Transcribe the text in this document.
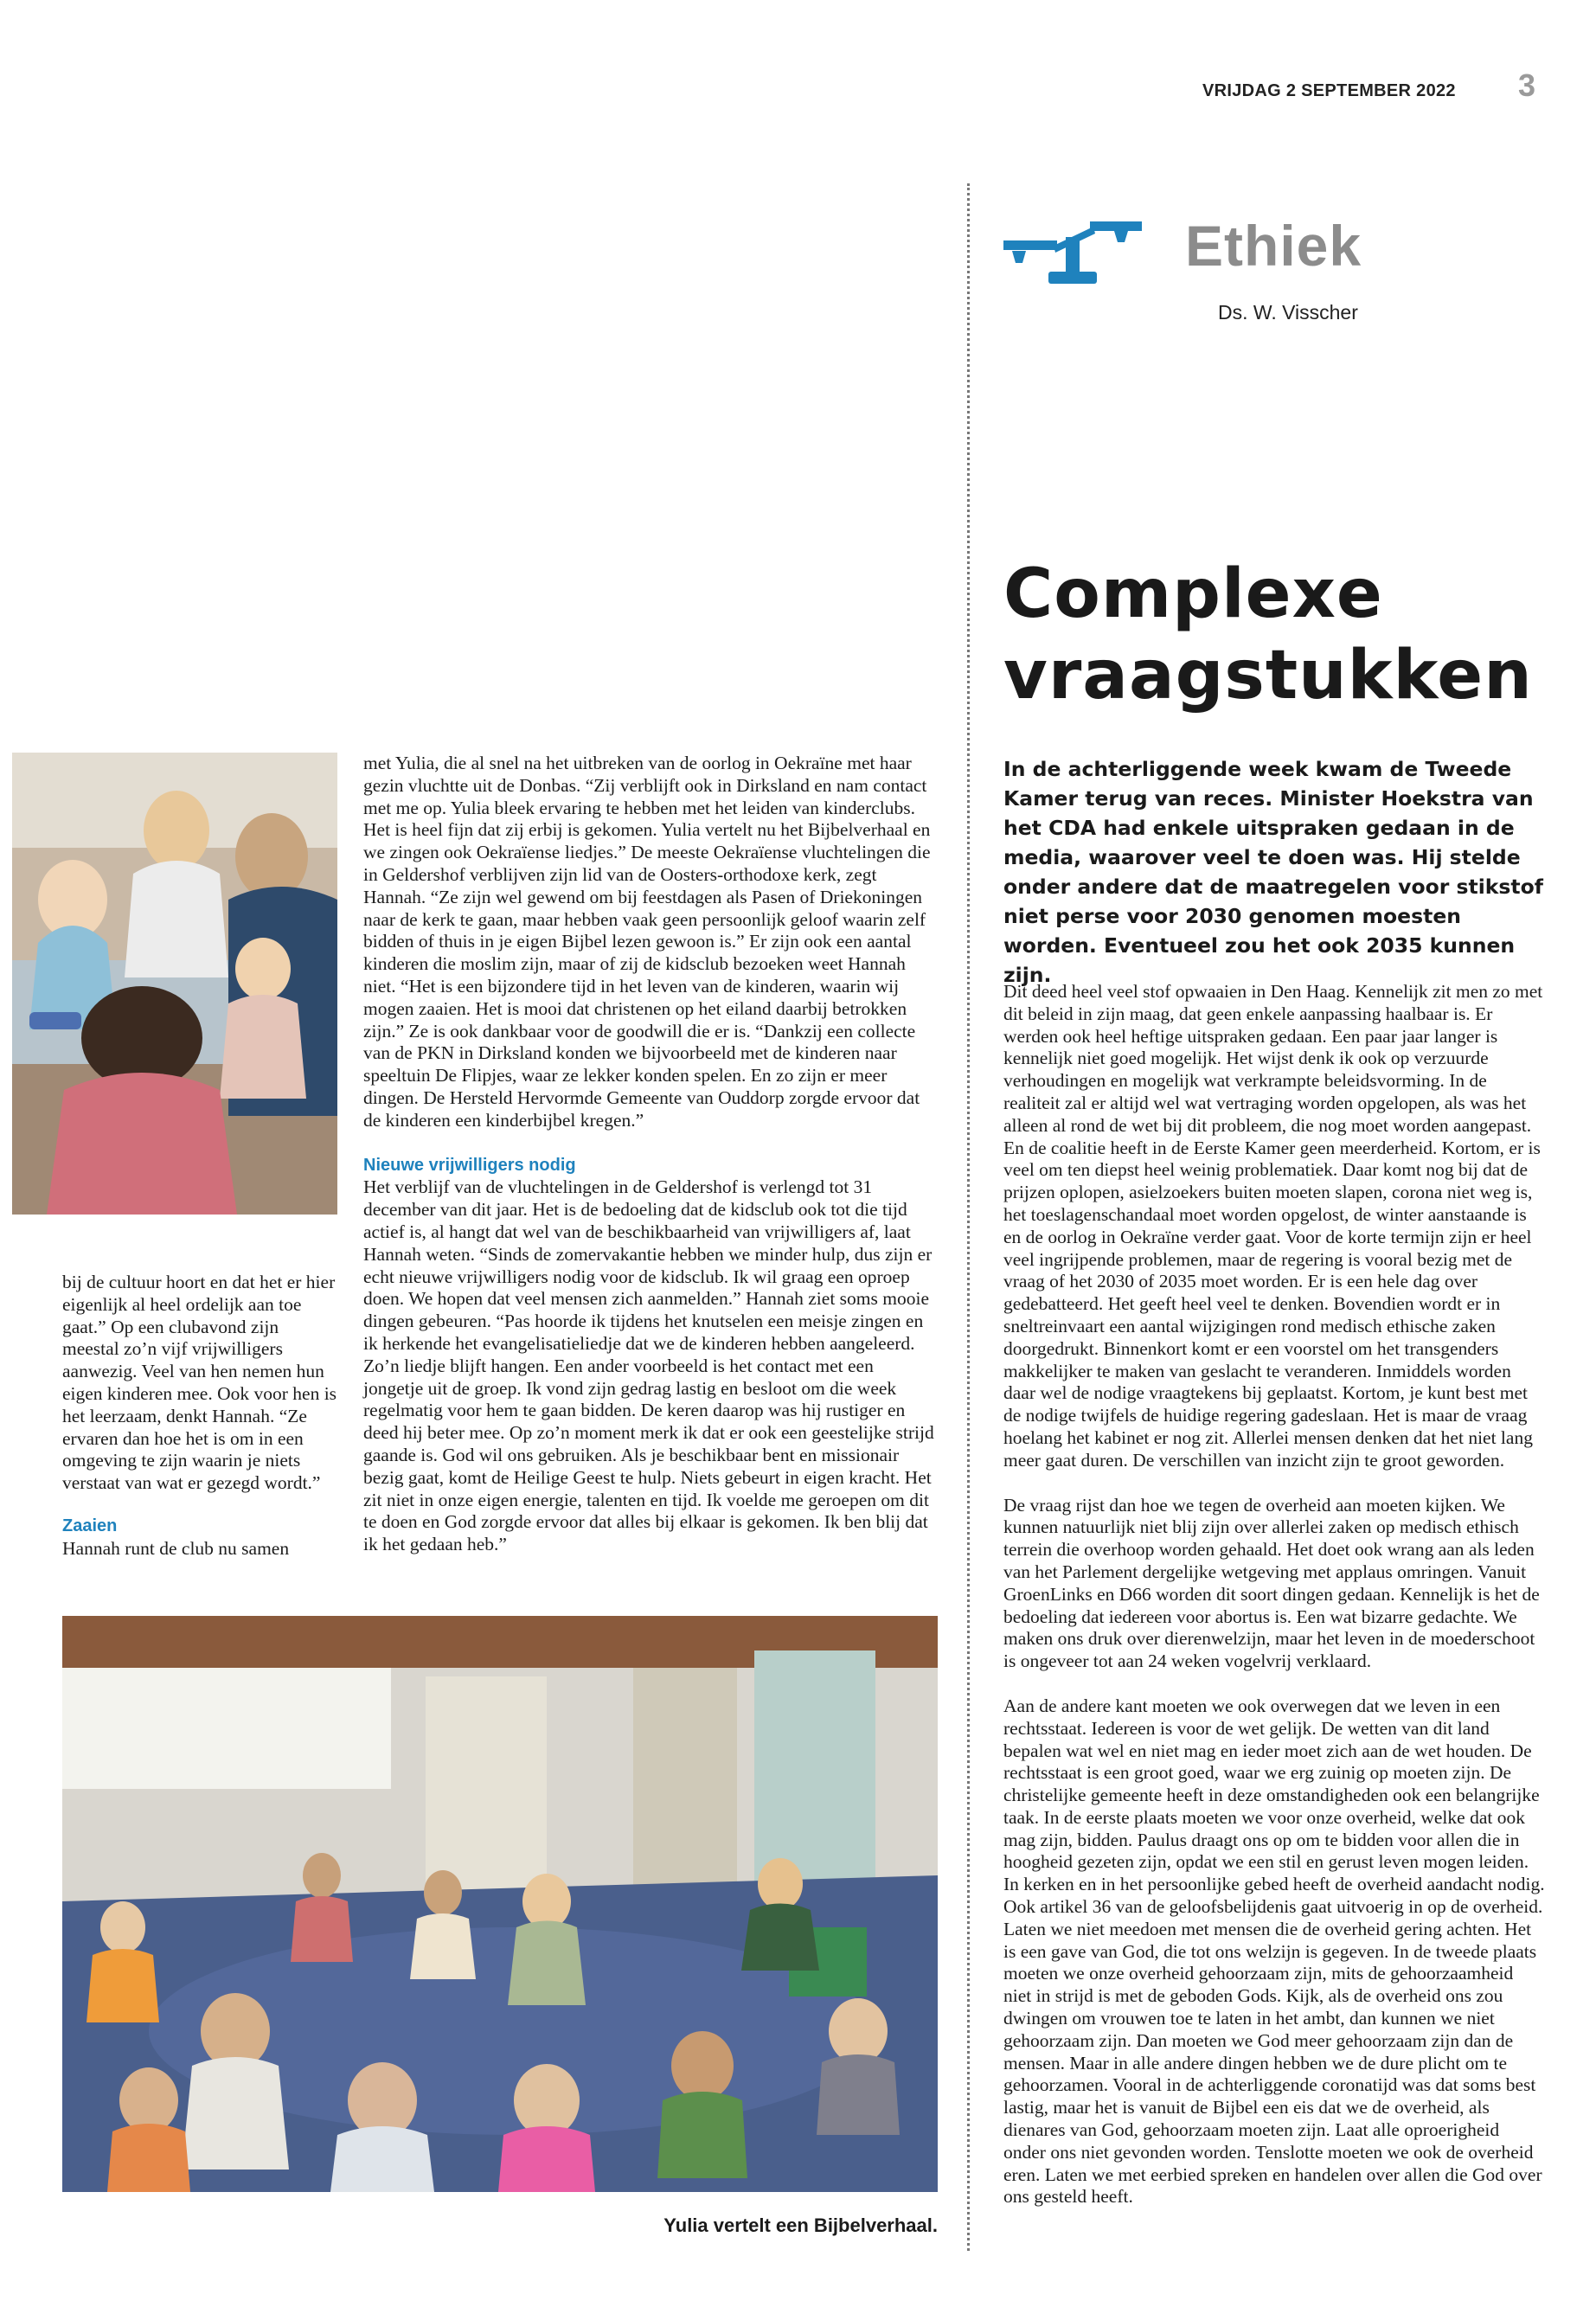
VRIJDAG 2 SEPTEMBER 2022 3
Ethiek
Ds. W. Visscher
Complexe
vraagstukken
In de achterliggende week kwam de Tweede Kamer terug van reces. Minister Hoekstra van het CDA had enkele uitspraken gedaan in de media, waarover veel te doen was. Hij stelde onder andere dat de maatregelen voor stikstof niet perse voor 2030 genomen moesten worden. Eventueel zou het ook 2035 kunnen zijn.

Dit deed heel veel stof opwaaien in Den Haag. Kennelijk zit men zo met dit beleid in zijn maag, dat geen enkele aanpassing haalbaar is. Er werden ook heel heftige uitspraken gedaan. Een paar jaar langer is kennelijk niet goed mogelijk. Het wijst denk ik ook op verzuurde verhoudingen en mogelijk wat verkrampte beleidsvorming. In de realiteit zal er altijd wel wat vertraging worden opgelopen, als was het alleen al rond de wet bij dit probleem, die nog moet worden aangepast. En de coalitie heeft in de Eerste Kamer geen meerderheid. Kortom, er is veel om ten diepst heel weinig problematiek. Daar komt nog bij dat de prijzen oplopen, asielzoekers buiten moeten slapen, corona niet weg is, het toeslagenschandaal moet worden opgelost, de winter aanstaande is en de oorlog in Oekraïne verder gaat. Voor de korte termijn zijn er heel veel ingrijpende problemen, maar de regering is vooral bezig met de vraag of het 2030 of 2035 moet worden. Er is een hele dag over gedebatteerd. Het geeft heel veel te denken. Bovendien wordt er in sneltreinvaart een aantal wijzigingen rond medisch ethische zaken doorgedrukt. Binnenkort komt er een voorstel om het transgenders makkelijker te maken van geslacht te veranderen. Inmiddels worden daar wel de nodige vraagtekens bij geplaatst. Kortom, je kunt best met de nodige twijfels de huidige regering gadeslaan. Het is maar de vraag hoelang het kabinet er nog zit. Allerlei mensen denken dat het niet lang meer gaat duren. De verschillen van inzicht zijn te groot geworden.

De vraag rijst dan hoe we tegen de overheid aan moeten kijken. We kunnen natuurlijk niet blij zijn over allerlei zaken op medisch ethisch terrein die overhoop worden gehaald. Het doet ook wrang aan als leden van het Parlement dergelijke wetgeving met applaus omringen. Vanuit GroenLinks en D66 worden dit soort dingen gedaan. Kennelijk is het de bedoeling dat iedereen voor abortus is. Een wat bizarre gedachte. We maken ons druk over dierenwelzijn, maar het leven in de moederschoot is ongeveer tot aan 24 weken vogelvrij verklaard.

Aan de andere kant moeten we ook overwegen dat we leven in een rechtsstaat. Iedereen is voor de wet gelijk. De wetten van dit land bepalen wat wel en niet mag en ieder moet zich aan de wet houden. De rechtsstaat is een groot goed, waar we erg zuinig op moeten zijn. De christelijke gemeente heeft in deze omstandigheden ook een belangrijke taak. In de eerste plaats moeten we voor onze overheid, welke dat ook mag zijn, bidden. Paulus draagt ons op om te bidden voor allen die in hoogheid gezeten zijn, opdat we een stil en gerust leven mogen leiden. In kerken en in het persoonlijke gebed heeft de overheid aandacht nodig. Ook artikel 36 van de geloofsbelijdenis gaat uitvoerig in op de overheid. Laten we niet meedoen met mensen die de overheid gering achten. Het is een gave van God, die tot ons welzijn is gegeven. In de tweede plaats moeten we onze overheid gehoorzaam zijn, mits de gehoorzaamheid niet in strijd is met de geboden Gods. Kijk, als de overheid ons zou dwingen om vrouwen toe te laten in het ambt, dan kunnen we niet gehoorzaam zijn. Dan moeten we God meer gehoorzaam zijn dan de mensen. Maar in alle andere dingen hebben we de dure plicht om te gehoorzamen. Vooral in de achterliggende coronatijd was dat soms best lastig, maar het is vanuit de Bijbel een eis dat we de overheid, als dienares van God, gehoorzaam moeten zijn. Laat alle oproerigheid onder ons niet gevonden worden. Tenslotte moeten we ook de overheid eren. Laten we met eerbied spreken en handelen over allen die God over ons gesteld heeft.

bij de cultuur hoort en dat het er hier eigenlijk al heel ordelijk aan toe gaat.” Op een clubavond zijn meestal zo’n vijf vrijwilligers aanwezig. Veel van hen nemen hun eigen kinderen mee. Ook voor hen is het leerzaam, denkt Hannah. “Ze ervaren dan hoe het is om in een omgeving te zijn waarin je niets verstaat van wat er gezegd wordt.”

Zaaien

Hannah runt de club nu samen

met Yulia, die al snel na het uitbreken van de oorlog in Oekraïne met haar gezin vluchtte uit de Donbas. “Zij verblijft ook in Dirksland en nam contact met me op. Yulia bleek ervaring te hebben met het leiden van kinderclubs. Het is heel fijn dat zij erbij is gekomen. Yulia vertelt nu het Bijbelverhaal en we zingen ook Oekraïense liedjes.” De meeste Oekraïense vluchtelingen die in Geldershof verblijven zijn lid van de Oosters-orthodoxe kerk, zegt Hannah. “Ze zijn wel gewend om bij feestdagen als Pasen of Driekoningen naar de kerk te gaan, maar hebben vaak geen persoonlijk geloof waarin zelf bidden of thuis in je eigen Bijbel lezen gewoon is.” Er zijn ook een aantal kinderen die moslim zijn, maar of zij de kidsclub bezoeken weet Hannah niet. “Het is een bijzondere tijd in het leven van de kinderen, waarin wij mogen zaaien. Het is mooi dat christenen op het eiland daarbij betrokken zijn.” Ze is ook dankbaar voor de goodwill die er is. “Dankzij een collecte van de PKN in Dirksland konden we bijvoorbeeld met de kinderen naar speeltuin De Flipjes, waar ze lekker konden spelen. En zo zijn er meer dingen. De Hersteld Hervormde Gemeente van Ouddorp zorgde ervoor dat de kinderen een kinderbijbel kregen.”

Nieuwe vrijwilligers nodig

Het verblijf van de vluchtelingen in de Geldershof is verlengd tot 31 december van dit jaar. Het is de bedoeling dat de kidsclub ook tot die tijd actief is, al hangt dat wel van de beschikbaarheid van vrijwilligers af, laat Hannah weten. “Sinds de zomervakantie hebben we minder hulp, dus zijn er echt nieuwe vrijwilligers nodig voor de kidsclub. Ik wil graag een oproep doen. We hopen dat veel mensen zich aanmelden.” Hannah ziet soms mooie dingen gebeuren. “Pas hoorde ik tijdens het knutselen een meisje zingen en ik herkende het evangelisatieliedje dat we de kinderen hebben aangeleerd. Zo’n liedje blijft hangen. Een ander voorbeeld is het contact met een jongetje uit de groep. Ik vond zijn gedrag lastig en besloot om die week regelmatig voor hem te gaan bidden. De keren daarop was hij rustiger en deed hij beter mee. Op zo’n moment merk ik dat er ook een geestelijke strijd gaande is. God wil ons gebruiken. Als je beschikbaar bent en missionair bezig gaat, komt de Heilige Geest te hulp. Niets gebeurt in eigen kracht. Het zit niet in onze eigen energie, talenten en tijd. Ik voelde me geroepen om dit te doen en God zorgde ervoor dat alles bij elkaar is gekomen. Ik ben blij dat ik het gedaan heb.”

Yulia vertelt een Bijbelverhaal.
